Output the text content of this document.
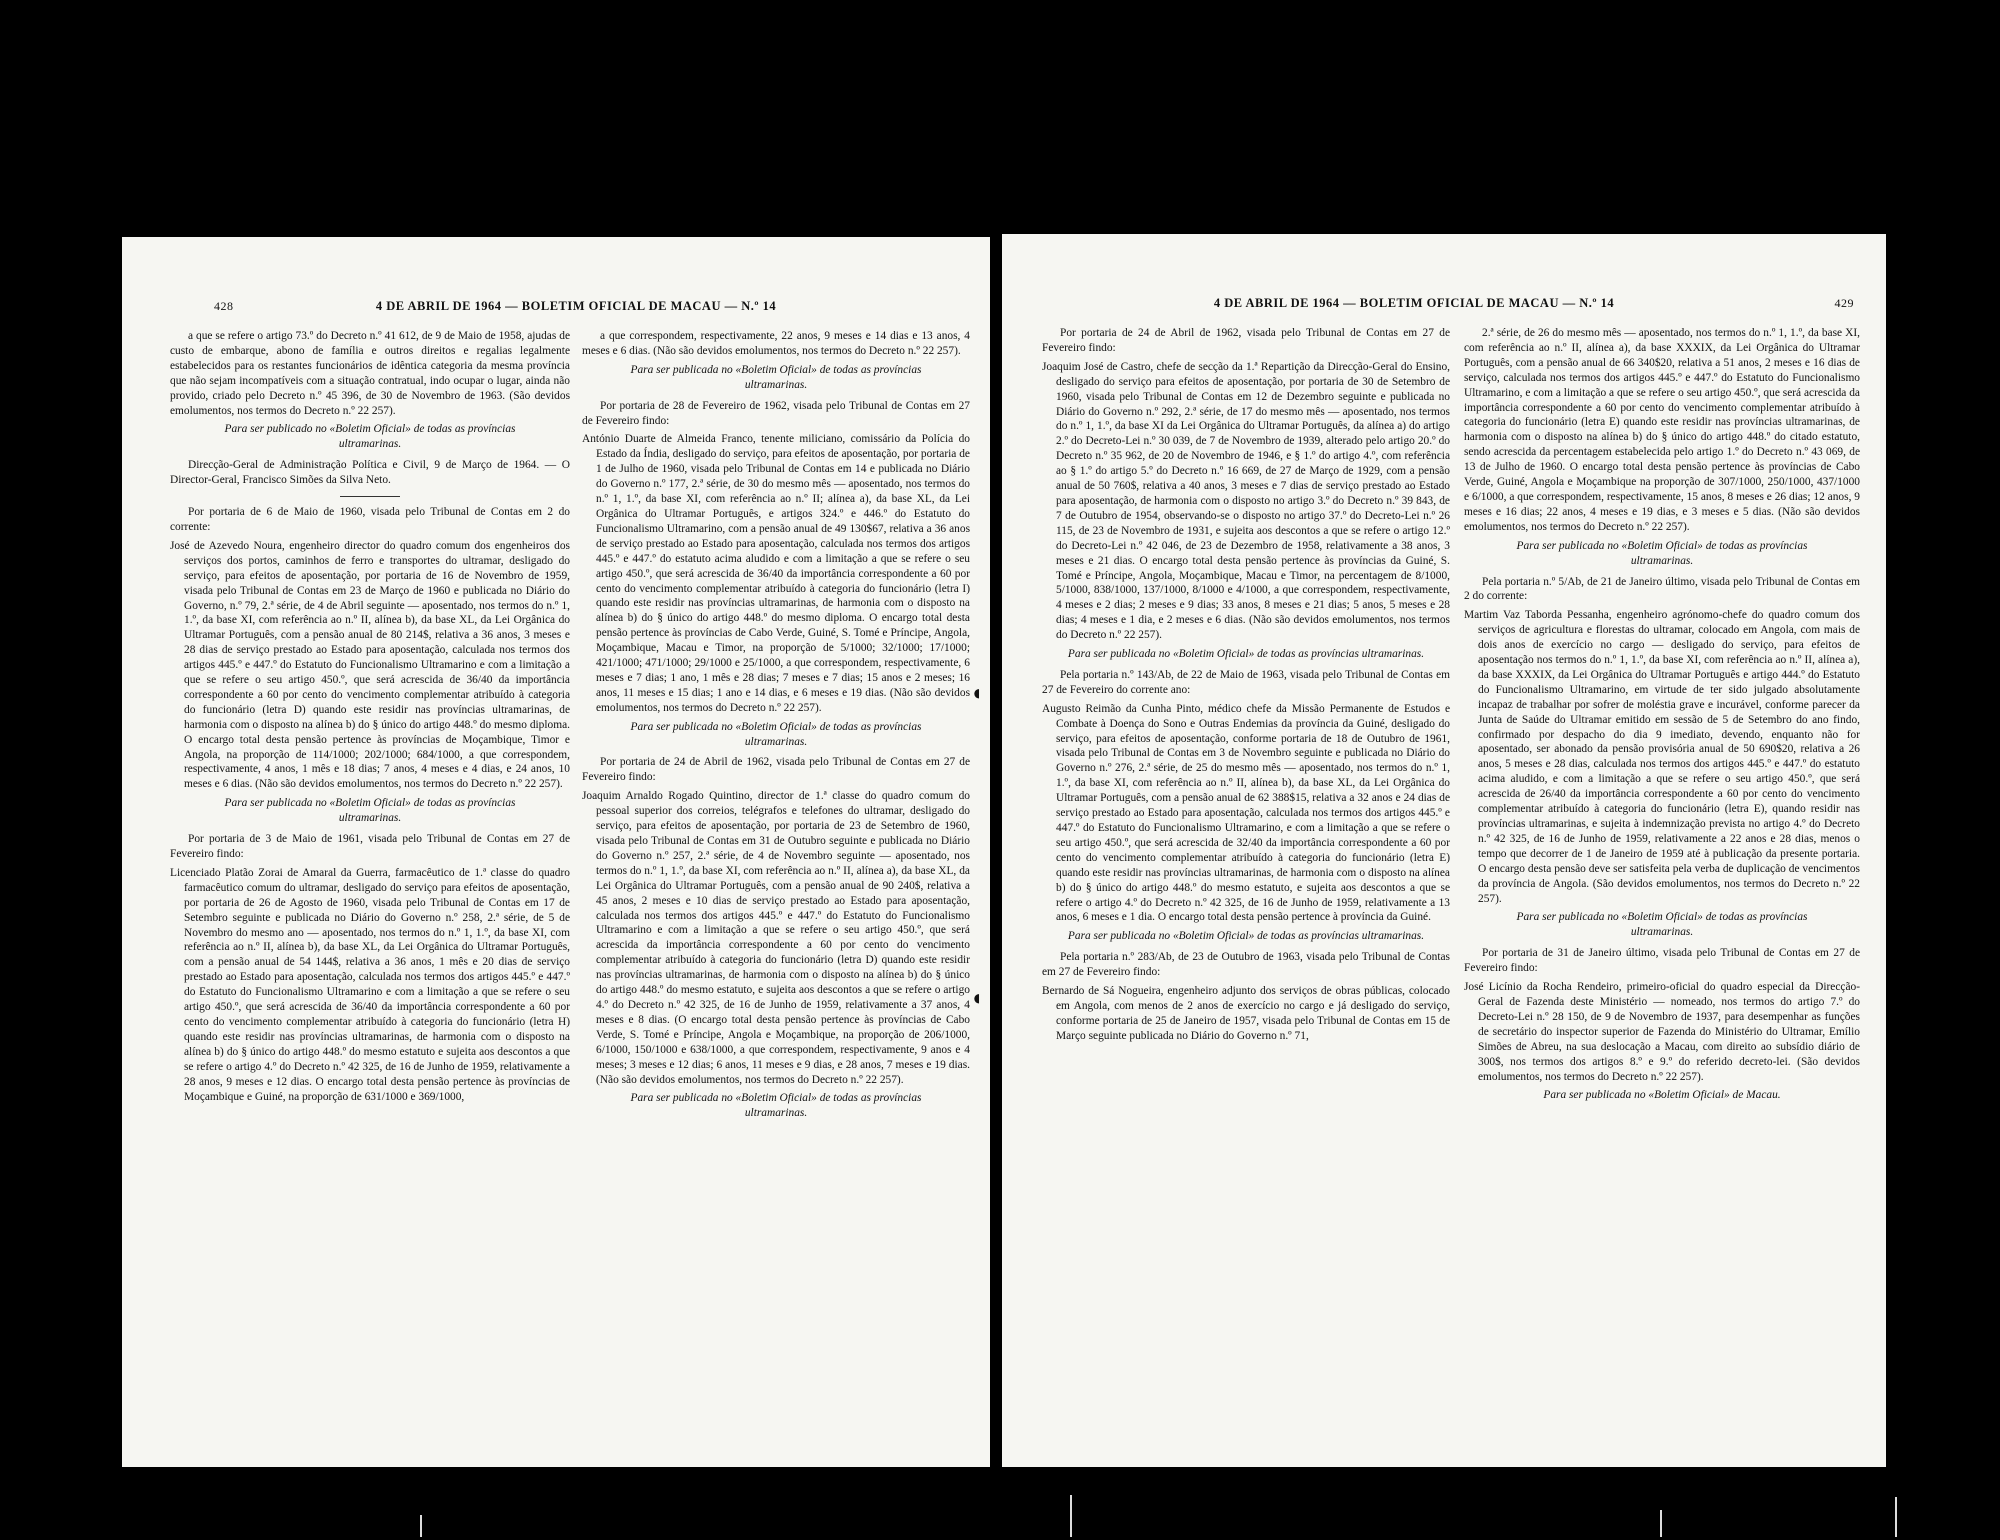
428	4 DE ABRIL DE 1964 — BOLETIM OFICIAL DE MACAU — N.º 14

a que se refere o artigo 73.º do Decreto n.º 41 612, de 9 de Maio de 1958, ajudas de custo de embarque, abono de família e outros direitos e regalias legalmente estabelecidos para os restantes funcionários de idêntica categoria da mesma província que não sejam incompatíveis com a situação contratual, indo ocupar o lugar, ainda não provido, criado pelo Decreto n.º 45 396, de 30 de Novembro de 1963. (São devidos emolumentos, nos termos do Decreto n.º 22 257).

Para ser publicado no «Boletim Oficial» de todas as províncias ultramarinas.

Direcção-Geral de Administração Política e Civil, 9 de Março de 1964. — O Director-Geral, Francisco Simões da Silva Neto.

Por portaria de 6 de Maio de 1960, visada pelo Tribunal de Contas em 2 do corrente:

José de Azevedo Noura, engenheiro director do quadro comum dos engenheiros dos serviços dos portos, caminhos de ferro e transportes do ultramar, desligado do serviço, para efeitos de aposentação, por portaria de 16 de Novembro de 1959, visada pelo Tribunal de Contas em 23 de Março de 1960 e publicada no Diário do Governo, n.º 79, 2.ª série, de 4 de Abril seguinte — aposentado, nos termos do n.º 1, 1.º, da base XI, com referência ao n.º II, alínea b), da base XL, da Lei Orgânica do Ultramar Português, com a pensão anual de 80 214$, relativa a 36 anos, 3 meses e 28 dias de serviço prestado ao Estado para aposentação, calculada nos termos dos artigos 445.º e 447.º do Estatuto do Funcionalismo Ultramarino e com a limitação a que se refere o seu artigo 450.º, que será acrescida de 36/40 da importância correspondente a 60 por cento do vencimento complementar atribuído à categoria do funcionário (letra D) quando este residir nas províncias ultramarinas, de harmonia com o disposto na alínea b) do § único do artigo 448.º do mesmo diploma. O encargo total desta pensão pertence às províncias de Moçambique, Timor e Angola, na proporção de 114/1000; 202/1000; 684/1000, a que correspondem, respectivamente, 4 anos, 1 mês e 18 dias; 7 anos, 4 meses e 4 dias, e 24 anos, 10 meses e 6 dias. (Não são devidos emolumentos, nos termos do Decreto n.º 22 257).

Para ser publicada no «Boletim Oficial» de todas as províncias ultramarinas.

Por portaria de 3 de Maio de 1961, visada pelo Tribunal de Contas em 27 de Fevereiro findo:

Licenciado Platão Zorai de Amaral da Guerra, farmacêutico de 1.ª classe do quadro farmacêutico comum do ultramar, desligado do serviço para efeitos de aposentação, por portaria de 26 de Agosto de 1960, visada pelo Tribunal de Contas em 17 de Setembro seguinte e publicada no Diário do Governo n.º 258, 2.ª série, de 5 de Novembro do mesmo ano — aposentado, nos termos do n.º 1, 1.º, da base XI, com referência ao n.º II, alínea b), da base XL, da Lei Orgânica do Ultramar Português, com a pensão anual de 54 144$, relativa a 36 anos, 1 mês e 20 dias de serviço prestado ao Estado para aposentação, calculada nos termos dos artigos 445.º e 447.º do Estatuto do Funcionalismo Ultramarino e com a limitação a que se refere o seu artigo 450.º, que será acrescida de 36/40 da importância correspondente a 60 por cento do vencimento complementar atribuído à categoria do funcionário (letra H) quando este residir nas províncias ultramarinas, de harmonia com o disposto na alínea b) do § único do artigo 448.º do mesmo estatuto e sujeita aos descontos a que se refere o artigo 4.º do Decreto n.º 42 325, de 16 de Junho de 1959, relativamente a 28 anos, 9 meses e 12 dias. O encargo total desta pensão pertence às províncias de Moçambique e Guiné, na proporção de 631/1000 e 369/1000,

a que correspondem, respectivamente, 22 anos, 9 meses e 14 dias e 13 anos, 4 meses e 6 dias. (Não são devidos emolumentos, nos termos do Decreto n.º 22 257).

Para ser publicada no «Boletim Oficial» de todas as províncias ultramarinas.

Por portaria de 28 de Fevereiro de 1962, visada pelo Tribunal de Contas em 27 de Fevereiro findo:

António Duarte de Almeida Franco, tenente miliciano, comissário da Polícia do Estado da Índia, desligado do serviço, para efeitos de aposentação, por portaria de 1 de Julho de 1960, visada pelo Tribunal de Contas em 14 e publicada no Diário do Governo n.º 177, 2.ª série, de 30 do mesmo mês — aposentado, nos termos do n.º 1, 1.º, da base XI, com referência ao n.º II; alínea a), da base XL, da Lei Orgânica do Ultramar Português, e artigos 324.º e 446.º do Estatuto do Funcionalismo Ultramarino, com a pensão anual de 49 130$67, relativa a 36 anos de serviço prestado ao Estado para aposentação, calculada nos termos dos artigos 445.º e 447.º do estatuto acima aludido e com a limitação a que se refere o seu artigo 450.º, que será acrescida de 36/40 da importância correspondente a 60 por cento do vencimento complementar atribuído à categoria do funcionário (letra I) quando este residir nas províncias ultramarinas, de harmonia com o disposto na alínea b) do § único do artigo 448.º do mesmo diploma. O encargo total desta pensão pertence às províncias de Cabo Verde, Guiné, S. Tomé e Príncipe, Angola, Moçambique, Macau e Timor, na proporção de 5/1000; 32/1000; 17/1000; 421/1000; 471/1000; 29/1000 e 25/1000, a que correspondem, respectivamente, 6 meses e 7 dias; 1 ano, 1 mês e 28 dias; 7 meses e 7 dias; 15 anos e 2 meses; 16 anos, 11 meses e 15 dias; 1 ano e 14 dias, e 6 meses e 19 dias. (Não são devidos emolumentos, nos termos do Decreto n.º 22 257).

Para ser publicada no «Boletim Oficial» de todas as províncias ultramarinas.

Por portaria de 24 de Abril de 1962, visada pelo Tribunal de Contas em 27 de Fevereiro findo:

Joaquim Arnaldo Rogado Quintino, director de 1.ª classe do quadro comum do pessoal superior dos correios, telégrafos e telefones do ultramar, desligado do serviço, para efeitos de aposentação, por portaria de 23 de Setembro de 1960, visada pelo Tribunal de Contas em 31 de Outubro seguinte e publicada no Diário do Governo n.º 257, 2.ª série, de 4 de Novembro seguinte — aposentado, nos termos do n.º 1, 1.º, da base XI, com referência ao n.º II, alínea a), da base XL, da Lei Orgânica do Ultramar Português, com a pensão anual de 90 240$, relativa a 45 anos, 2 meses e 10 dias de serviço prestado ao Estado para aposentação, calculada nos termos dos artigos 445.º e 447.º do Estatuto do Funcionalismo Ultramarino e com a limitação a que se refere o seu artigo 450.º, que será acrescida da importância correspondente a 60 por cento do vencimento complementar atribuído à categoria do funcionário (letra D) quando este residir nas províncias ultramarinas, de harmonia com o disposto na alínea b) do § único do artigo 448.º do mesmo estatuto, e sujeita aos descontos a que se refere o artigo 4.º do Decreto n.º 42 325, de 16 de Junho de 1959, relativamente a 37 anos, 4 meses e 8 dias. (O encargo total desta pensão pertence às províncias de Cabo Verde, S. Tomé e Príncipe, Angola e Moçambique, na proporção de 206/1000, 6/1000, 150/1000 e 638/1000, a que correspondem, respectivamente, 9 anos e 4 meses; 3 meses e 12 dias; 6 anos, 11 meses e 9 dias, e 28 anos, 7 meses e 19 dias. (Não são devidos emolumentos, nos termos do Decreto n.º 22 257).

Para ser publicada no «Boletim Oficial» de todas as províncias ultramarinas.

4 DE ABRIL DE 1964 — BOLETIM OFICIAL DE MACAU — N.º 14	429

Por portaria de 24 de Abril de 1962, visada pelo Tribunal de Contas em 27 de Fevereiro findo:

Joaquim José de Castro, chefe de secção da 1.ª Repartição da Direcção-Geral do Ensino, desligado do serviço para efeitos de aposentação, por portaria de 30 de Setembro de 1960, visada pelo Tribunal de Contas em 12 de Dezembro seguinte e publicada no Diário do Governo n.º 292, 2.ª série, de 17 do mesmo mês — aposentado, nos termos do n.º 1, 1.º, da base XI da Lei Orgânica do Ultramar Português, da alínea a) do artigo 2.º do Decreto-Lei n.º 30 039, de 7 de Novembro de 1939, alterado pelo artigo 20.º do Decreto n.º 35 962, de 20 de Novembro de 1946, e § 1.º do artigo 4.º, com referência ao § 1.º do artigo 5.º do Decreto n.º 16 669, de 27 de Março de 1929, com a pensão anual de 50 760$, relativa a 40 anos, 3 meses e 7 dias de serviço prestado ao Estado para aposentação, de harmonia com o disposto no artigo 3.º do Decreto n.º 39 843, de 7 de Outubro de 1954, observando-se o disposto no artigo 37.º do Decreto-Lei n.º 26 115, de 23 de Novembro de 1931, e sujeita aos descontos a que se refere o artigo 12.º do Decreto-Lei n.º 42 046, de 23 de Dezembro de 1958, relativamente a 38 anos, 3 meses e 21 dias. O encargo total desta pensão pertence às províncias da Guiné, S. Tomé e Príncipe, Angola, Moçambique, Macau e Timor, na percentagem de 8/1000, 5/1000, 838/1000, 137/1000, 8/1000 e 4/1000, a que correspondem, respectivamente, 4 meses e 2 dias; 2 meses e 9 dias; 33 anos, 8 meses e 21 dias; 5 anos, 5 meses e 28 dias; 4 meses e 1 dia, e 2 meses e 6 dias. (Não são devidos emolumentos, nos termos do Decreto n.º 22 257).

Para ser publicada no «Boletim Oficial» de todas as províncias ultramarinas.

Pela portaria n.º 143/Ab, de 22 de Maio de 1963, visada pelo Tribunal de Contas em 27 de Fevereiro do corrente ano:

Augusto Reimão da Cunha Pinto, médico chefe da Missão Permanente de Estudos e Combate à Doença do Sono e Outras Endemias da província da Guiné, desligado do serviço, para efeitos de aposentação, conforme portaria de 18 de Outubro de 1961, visada pelo Tribunal de Contas em 3 de Novembro seguinte e publicada no Diário do Governo n.º 276, 2.ª série, de 25 do mesmo mês — aposentado, nos termos do n.º 1, 1.º, da base XI, com referência ao n.º II, alínea b), da base XL, da Lei Orgânica do Ultramar Português, com a pensão anual de 62 388$15, relativa a 32 anos e 24 dias de serviço prestado ao Estado para aposentação, calculada nos termos dos artigos 445.º e 447.º do Estatuto do Funcionalismo Ultramarino, e com a limitação a que se refere o seu artigo 450.º, que será acrescida de 32/40 da importância correspondente a 60 por cento do vencimento complementar atribuído à categoria do funcionário (letra E) quando este residir nas províncias ultramarinas, de harmonia com o disposto na alínea b) do § único do artigo 448.º do mesmo estatuto, e sujeita aos descontos a que se refere o artigo 4.º do Decreto n.º 42 325, de 16 de Junho de 1959, relativamente a 13 anos, 6 meses e 1 dia. O encargo total desta pensão pertence à província da Guiné.

Para ser publicada no «Boletim Oficial» de todas as províncias ultramarinas.

Pela portaria n.º 283/Ab, de 23 de Outubro de 1963, visada pelo Tribunal de Contas em 27 de Fevereiro findo:

Bernardo de Sá Nogueira, engenheiro adjunto dos serviços de obras públicas, colocado em Angola, com menos de 2 anos de exercício no cargo e já desligado do serviço, conforme portaria de 25 de Janeiro de 1957, visada pelo Tribunal de Contas em 15 de Março seguinte publicada no Diário do Governo n.º 71,

2.ª série, de 26 do mesmo mês — aposentado, nos termos do n.º 1, 1.º, da base XI, com referência ao n.º II, alínea a), da base XXXIX, da Lei Orgânica do Ultramar Português, com a pensão anual de 66 340$20, relativa a 51 anos, 2 meses e 16 dias de serviço, calculada nos termos dos artigos 445.º e 447.º do Estatuto do Funcionalismo Ultramarino, e com a limitação a que se refere o seu artigo 450.º, que será acrescida da importância correspondente a 60 por cento do vencimento complementar atribuído à categoria do funcionário (letra E) quando este residir nas províncias ultramarinas, de harmonia com o disposto na alínea b) do § único do artigo 448.º do citado estatuto, sendo acrescida da percentagem estabelecida pelo artigo 1.º do Decreto n.º 43 069, de 13 de Julho de 1960. O encargo total desta pensão pertence às províncias de Cabo Verde, Guiné, Angola e Moçambique na proporção de 307/1000, 250/1000, 437/1000 e 6/1000, a que correspondem, respectivamente, 15 anos, 8 meses e 26 dias; 12 anos, 9 meses e 16 dias; 22 anos, 4 meses e 19 dias, e 3 meses e 5 dias. (Não são devidos emolumentos, nos termos do Decreto n.º 22 257).

Para ser publicada no «Boletim Oficial» de todas as províncias ultramarinas.

Pela portaria n.º 5/Ab, de 21 de Janeiro último, visada pelo Tribunal de Contas em 2 do corrente:

Martim Vaz Taborda Pessanha, engenheiro agrónomo-chefe do quadro comum dos serviços de agricultura e florestas do ultramar, colocado em Angola, com mais de dois anos de exercício no cargo — desligado do serviço, para efeitos de aposentação nos termos do n.º 1, 1.º, da base XI, com referência ao n.º II, alínea a), da base XXXIX, da Lei Orgânica do Ultramar Português e artigo 444.º do Estatuto do Funcionalismo Ultramarino, em virtude de ter sido julgado absolutamente incapaz de trabalhar por sofrer de moléstia grave e incurável, conforme parecer da Junta de Saúde do Ultramar emitido em sessão de 5 de Setembro do ano findo, confirmado por despacho do dia 9 imediato, devendo, enquanto não for aposentado, ser abonado da pensão provisória anual de 50 690$20, relativa a 26 anos, 5 meses e 28 dias, calculada nos termos dos artigos 445.º e 447.º do estatuto acima aludido, e com a limitação a que se refere o seu artigo 450.º, que será acrescida de 26/40 da importância correspondente a 60 por cento do vencimento complementar atribuído à categoria do funcionário (letra E), quando residir nas províncias ultramarinas, e sujeita à indemnização prevista no artigo 4.º do Decreto n.º 42 325, de 16 de Junho de 1959, relativamente a 22 anos e 28 dias, menos o tempo que decorrer de 1 de Janeiro de 1959 até à publicação da presente portaria. O encargo desta pensão deve ser satisfeita pela verba de duplicação de vencimentos da província de Angola. (São devidos emolumentos, nos termos do Decreto n.º 22 257).

Para ser publicada no «Boletim Oficial» de todas as províncias ultramarinas.

Por portaria de 31 de Janeiro último, visada pelo Tribunal de Contas em 27 de Fevereiro findo:

José Licínio da Rocha Rendeiro, primeiro-oficial do quadro especial da Direcção-Geral de Fazenda deste Ministério — nomeado, nos termos do artigo 7.º do Decreto-Lei n.º 28 150, de 9 de Novembro de 1937, para desempenhar as funções de secretário do inspector superior de Fazenda do Ministério do Ultramar, Emílio Simões de Abreu, na sua deslocação a Macau, com direito ao subsídio diário de 300$, nos termos dos artigos 8.º e 9.º do referido decreto-lei. (São devidos emolumentos, nos termos do Decreto n.º 22 257).

Para ser publicada no «Boletim Oficial» de Macau.

◖
◖
